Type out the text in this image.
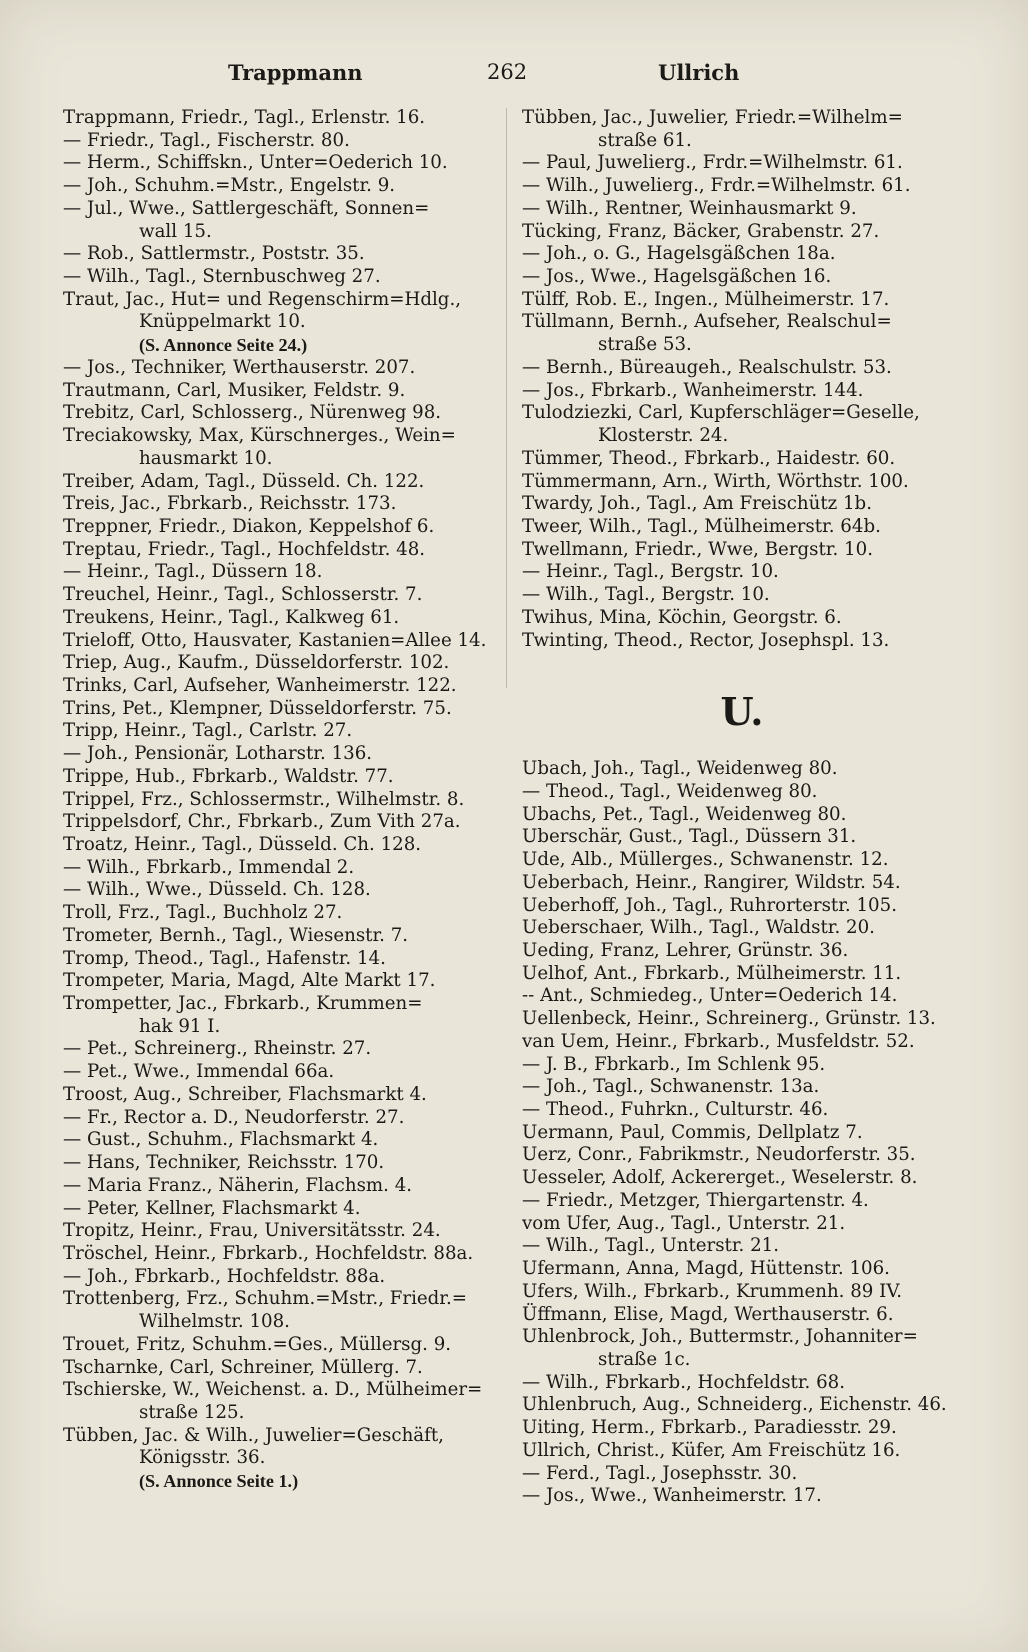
Trappmann	262	Ullrich
Trappmann, Friedr., Tagl., Erlenstr. 16.
— Friedr., Tagl., Fischerstr. 80.
— Herm., Schiffskn., Unter=Oederich 10.
— Joh., Schuhm.=Mstr., Engelstr. 9.
— Jul., Wwe., Sattlergeschäft, Sonnen=
wall 15.
— Rob., Sattlermstr., Poststr. 35.
— Wilh., Tagl., Sternbuschweg 27.
Traut, Jac., Hut= und Regenschirm=Hdlg.,
Knüppelmarkt 10.
(S. Annonce Seite 24.)
— Jos., Techniker, Werthauserstr. 207.
Trautmann, Carl, Musiker, Feldstr. 9.
Trebitz, Carl, Schlosserg., Nürenweg 98.
Treciakowsky, Max, Kürschnerges., Wein=
hausmarkt 10.
Treiber, Adam, Tagl., Düsseld. Ch. 122.
Treis, Jac., Fbrkarb., Reichsstr. 173.
Treppner, Friedr., Diakon, Keppelshof 6.
Treptau, Friedr., Tagl., Hochfeldstr. 48.
— Heinr., Tagl., Düssern 18.
Treuchel, Heinr., Tagl., Schlosserstr. 7.
Treukens, Heinr., Tagl., Kalkweg 61.
Trieloff, Otto, Hausvater, Kastanien=Allee 14.
Triep, Aug., Kaufm., Düsseldorferstr. 102.
Trinks, Carl, Aufseher, Wanheimerstr. 122.
Trins, Pet., Klempner, Düsseldorferstr. 75.
Tripp, Heinr., Tagl., Carlstr. 27.
— Joh., Pensionär, Lotharstr. 136.
Trippe, Hub., Fbrkarb., Waldstr. 77.
Trippel, Frz., Schlossermstr., Wilhelmstr. 8.
Trippelsdorf, Chr., Fbrkarb., Zum Vith 27a.
Troatz, Heinr., Tagl., Düsseld. Ch. 128.
— Wilh., Fbrkarb., Immendal 2.
— Wilh., Wwe., Düsseld. Ch. 128.
Troll, Frz., Tagl., Buchholz 27.
Trometer, Bernh., Tagl., Wiesenstr. 7.
Tromp, Theod., Tagl., Hafenstr. 14.
Trompeter, Maria, Magd, Alte Markt 17.
Trompetter, Jac., Fbrkarb., Krummen=
hak 91 I.
— Pet., Schreinerg., Rheinstr. 27.
— Pet., Wwe., Immendal 66a.
Troost, Aug., Schreiber, Flachsmarkt 4.
— Fr., Rector a. D., Neudorferstr. 27.
— Gust., Schuhm., Flachsmarkt 4.
— Hans, Techniker, Reichsstr. 170.
— Maria Franz., Näherin, Flachsm. 4.
— Peter, Kellner, Flachsmarkt 4.
Tropitz, Heinr., Frau, Universitätsstr. 24.
Tröschel, Heinr., Fbrkarb., Hochfeldstr. 88a.
— Joh., Fbrkarb., Hochfeldstr. 88a.
Trottenberg, Frz., Schuhm.=Mstr., Friedr.=
Wilhelmstr. 108.
Trouet, Fritz, Schuhm.=Ges., Müllersg. 9.
Tscharnke, Carl, Schreiner, Müllerg. 7.
Tschierske, W., Weichenst. a. D., Mülheimer=
straße 125.
Tübben, Jac. & Wilh., Juwelier=Geschäft,
Königsstr. 36.
(S. Annonce Seite 1.)
Tübben, Jac., Juwelier, Friedr.=Wilhelm=
straße 61.
— Paul, Juwelierg., Frdr.=Wilhelmstr. 61.
— Wilh., Juwelierg., Frdr.=Wilhelmstr. 61.
— Wilh., Rentner, Weinhausmarkt 9.
Tücking, Franz, Bäcker, Grabenstr. 27.
— Joh., o. G., Hagelsgäßchen 18a.
— Jos., Wwe., Hagelsgäßchen 16.
Tülff, Rob. E., Ingen., Mülheimerstr. 17.
Tüllmann, Bernh., Aufseher, Realschul=
straße 53.
— Bernh., Büreaugeh., Realschulstr. 53.
— Jos., Fbrkarb., Wanheimerstr. 144.
Tulodziezki, Carl, Kupferschläger=Geselle,
Klosterstr. 24.
Tümmer, Theod., Fbrkarb., Haidestr. 60.
Tümmermann, Arn., Wirth, Wörthstr. 100.
Twardy, Joh., Tagl., Am Freischütz 1b.
Tweer, Wilh., Tagl., Mülheimerstr. 64b.
Twellmann, Friedr., Wwe, Bergstr. 10.
— Heinr., Tagl., Bergstr. 10.
— Wilh., Tagl., Bergstr. 10.
Twihus, Mina, Köchin, Georgstr. 6.
Twinting, Theod., Rector, Josephspl. 13.
U.
Ubach, Joh., Tagl., Weidenweg 80.
— Theod., Tagl., Weidenweg 80.
Ubachs, Pet., Tagl., Weidenweg 80.
Uberschär, Gust., Tagl., Düssern 31.
Ude, Alb., Müllerges., Schwanenstr. 12.
Ueberbach, Heinr., Rangirer, Wildstr. 54.
Ueberhoff, Joh., Tagl., Ruhrorterstr. 105.
Ueberschaer, Wilh., Tagl., Waldstr. 20.
Ueding, Franz, Lehrer, Grünstr. 36.
Uelhof, Ant., Fbrkarb., Mülheimerstr. 11.
-- Ant., Schmiedeg., Unter=Oederich 14.
Uellenbeck, Heinr., Schreinerg., Grünstr. 13.
van Uem, Heinr., Fbrkarb., Musfeldstr. 52.
— J. B., Fbrkarb., Im Schlenk 95.
— Joh., Tagl., Schwanenstr. 13a.
— Theod., Fuhrkn., Culturstr. 46.
Uermann, Paul, Commis, Dellplatz 7.
Uerz, Conr., Fabrikmstr., Neudorferstr. 35.
Uesseler, Adolf, Ackererget., Weselerstr. 8.
— Friedr., Metzger, Thiergartenstr. 4.
vom Ufer, Aug., Tagl., Unterstr. 21.
— Wilh., Tagl., Unterstr. 21.
Ufermann, Anna, Magd, Hüttenstr. 106.
Ufers, Wilh., Fbrkarb., Krummenh. 89 IV.
Üffmann, Elise, Magd, Werthauserstr. 6.
Uhlenbrock, Joh., Buttermstr., Johanniter=
straße 1c.
— Wilh., Fbrkarb., Hochfeldstr. 68.
Uhlenbruch, Aug., Schneiderg., Eichenstr. 46.
Uiting, Herm., Fbrkarb., Paradiesstr. 29.
Ullrich, Christ., Küfer, Am Freischütz 16.
— Ferd., Tagl., Josephsstr. 30.
— Jos., Wwe., Wanheimerstr. 17.
